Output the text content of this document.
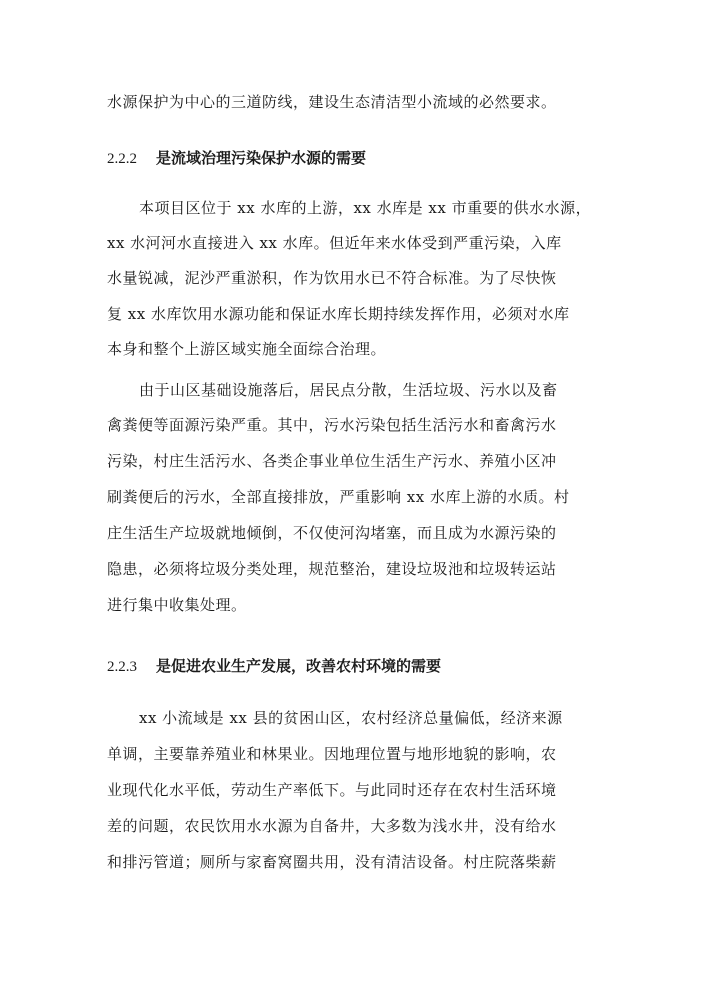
水源保护为中心的三道防线，建设生态清洁型小流域的必然要求。
2.2.2 是流域治理污染保护水源的需要
本项目区位于 xx 水库的上游，xx 水库是 xx 市重要的供水水源，
xx 水河河水直接进入 xx 水库。但近年来水体受到严重污染，入库
水量锐减，泥沙严重淤积，作为饮用水已不符合标准。为了尽快恢
复 xx 水库饮用水源功能和保证水库长期持续发挥作用，必须对水库
本身和整个上游区域实施全面综合治理。
由于山区基础设施落后，居民点分散，生活垃圾、污水以及畜
禽粪便等面源污染严重。其中，污水污染包括生活污水和畜禽污水
污染，村庄生活污水、各类企事业单位生活生产污水、养殖小区冲
刷粪便后的污水，全部直接排放，严重影响 xx 水库上游的水质。村
庄生活生产垃圾就地倾倒，不仅使河沟堵塞，而且成为水源污染的
隐患，必须将垃圾分类处理，规范整治，建设垃圾池和垃圾转运站
进行集中收集处理。
2.2.3 是促进农业生产发展，改善农村环境的需要
xx 小流域是 xx 县的贫困山区，农村经济总量偏低，经济来源
单调，主要靠养殖业和林果业。因地理位置与地形地貌的影响，农
业现代化水平低，劳动生产率低下。与此同时还存在农村生活环境
差的问题，农民饮用水水源为自备井，大多数为浅水井，没有给水
和排污管道；厕所与家畜窝圈共用，没有清洁设备。村庄院落柴薪
